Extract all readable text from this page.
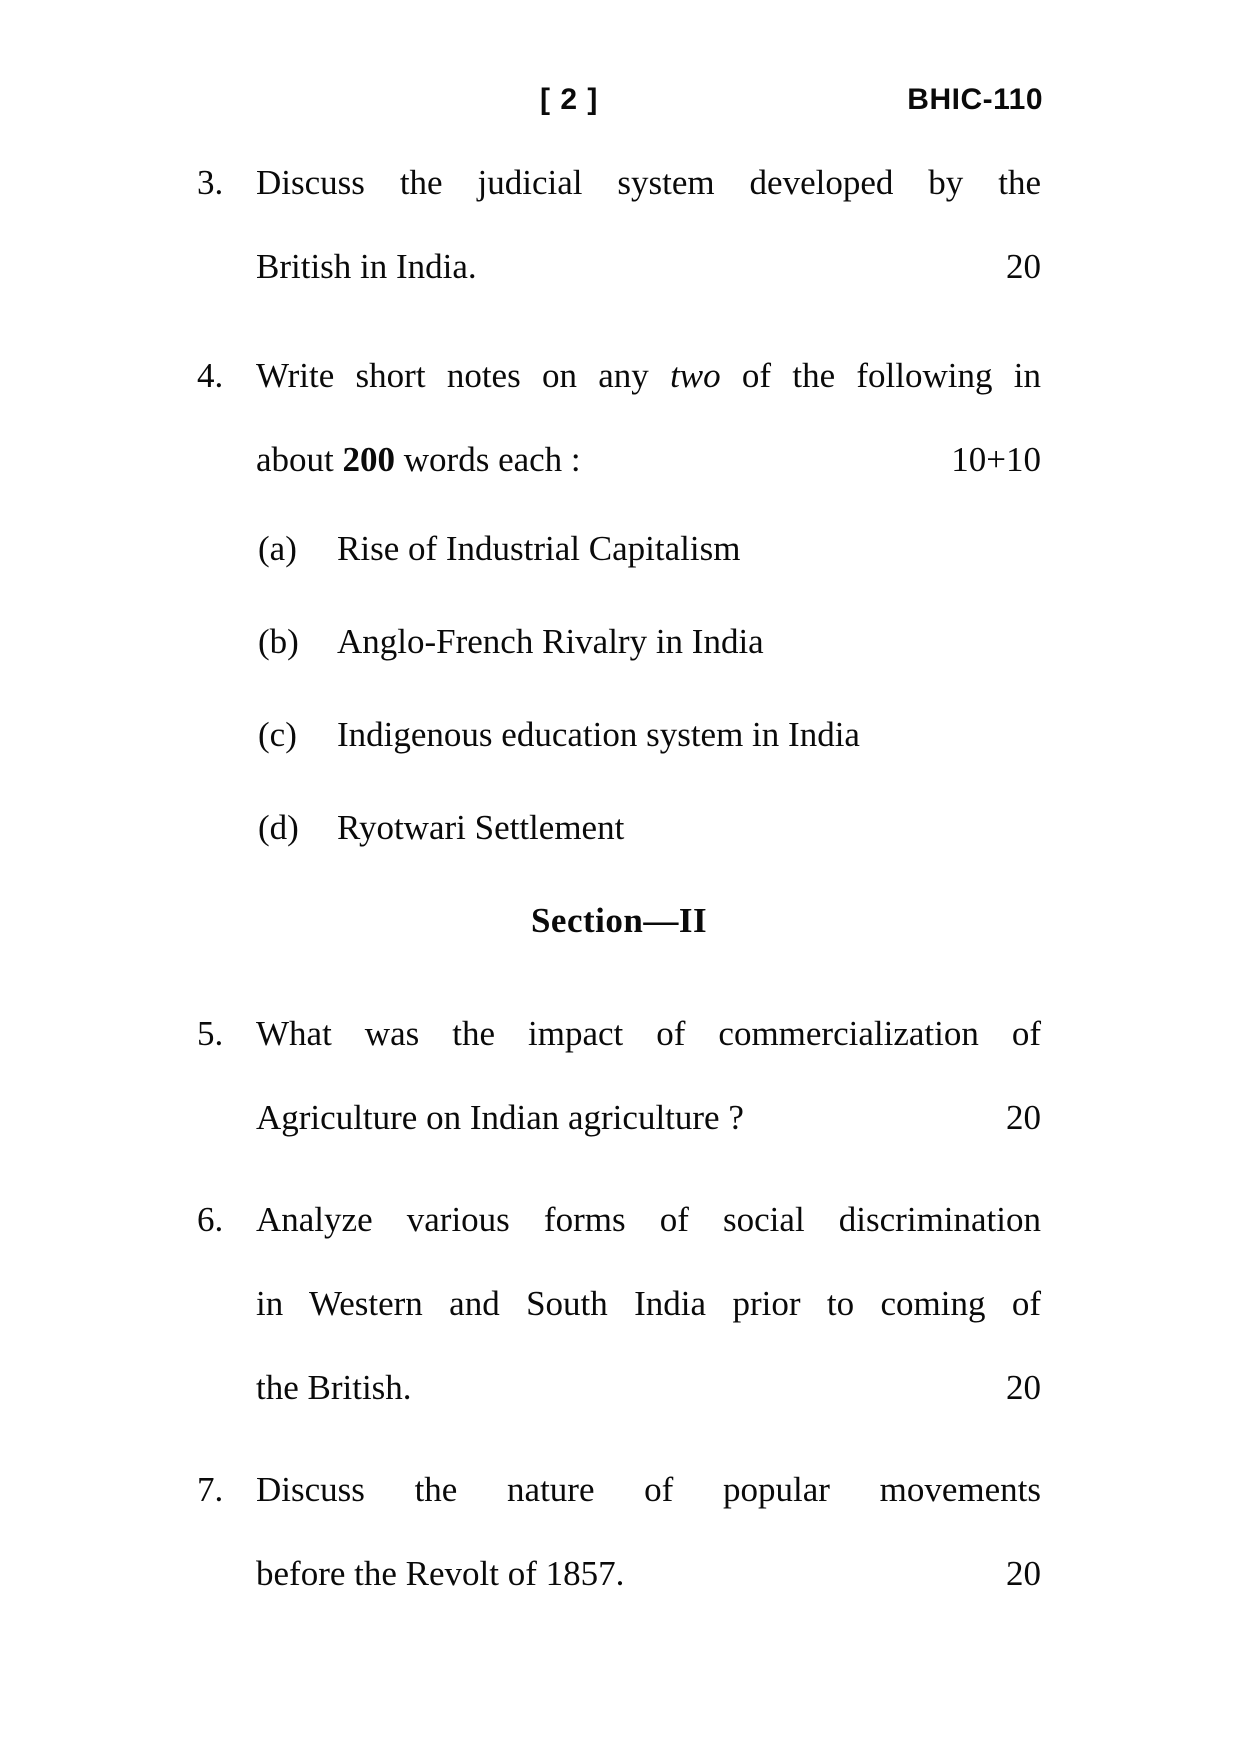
[ 2 ]	BHIC-110
3. Discuss the judicial system developed by the
British in India.	20
4. Write short notes on any two of the following in
about 200 words each :	10+10
(a)	Rise of Industrial Capitalism
(b)	Anglo-French Rivalry in India
(c)	Indigenous education system in India
(d)	Ryotwari Settlement
Section—II
5. What was the impact of commercialization of
Agriculture on Indian agriculture ?	20
6. Analyze various forms of social discrimination
in Western and South India prior to coming of
the British.	20
7. Discuss the nature of popular movements
before the Revolt of 1857.	20
